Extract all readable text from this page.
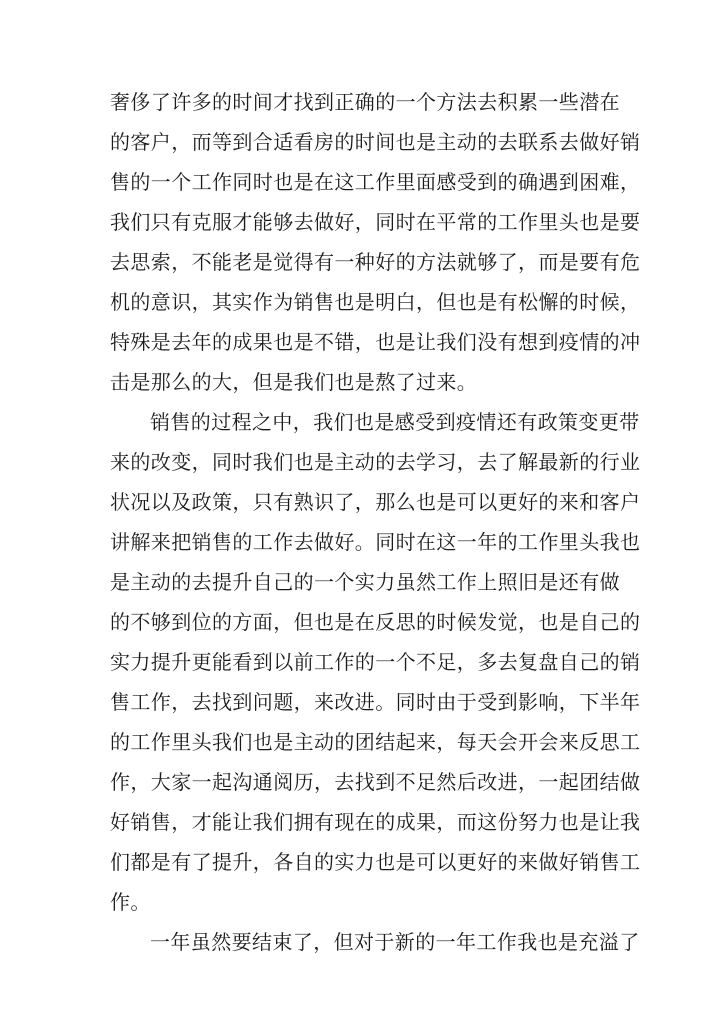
奢侈了许多的时间才找到正确的一个方法去积累一些潜在
的客户，而等到合适看房的时间也是主动的去联系去做好销
售的一个工作同时也是在这工作里面感受到的确遇到困难，
我们只有克服才能够去做好，同时在平常的工作里头也是要
去思索，不能老是觉得有一种好的方法就够了，而是要有危
机的意识，其实作为销售也是明白，但也是有松懈的时候，
特殊是去年的成果也是不错，也是让我们没有想到疫情的冲
击是那么的大，但是我们也是熬了过来。
销售的过程之中，我们也是感受到疫情还有政策变更带
来的改变，同时我们也是主动的去学习，去了解最新的行业
状况以及政策，只有熟识了，那么也是可以更好的来和客户
讲解来把销售的工作去做好。同时在这一年的工作里头我也
是主动的去提升自己的一个实力虽然工作上照旧是还有做
的不够到位的方面，但也是在反思的时候发觉，也是自己的
实力提升更能看到以前工作的一个不足，多去复盘自己的销
售工作，去找到问题，来改进。同时由于受到影响，下半年
的工作里头我们也是主动的团结起来，每天会开会来反思工
作，大家一起沟通阅历，去找到不足然后改进，一起团结做
好销售，才能让我们拥有现在的成果，而这份努力也是让我
们都是有了提升，各自的实力也是可以更好的来做好销售工
作。
一年虽然要结束了，但对于新的一年工作我也是充溢了
